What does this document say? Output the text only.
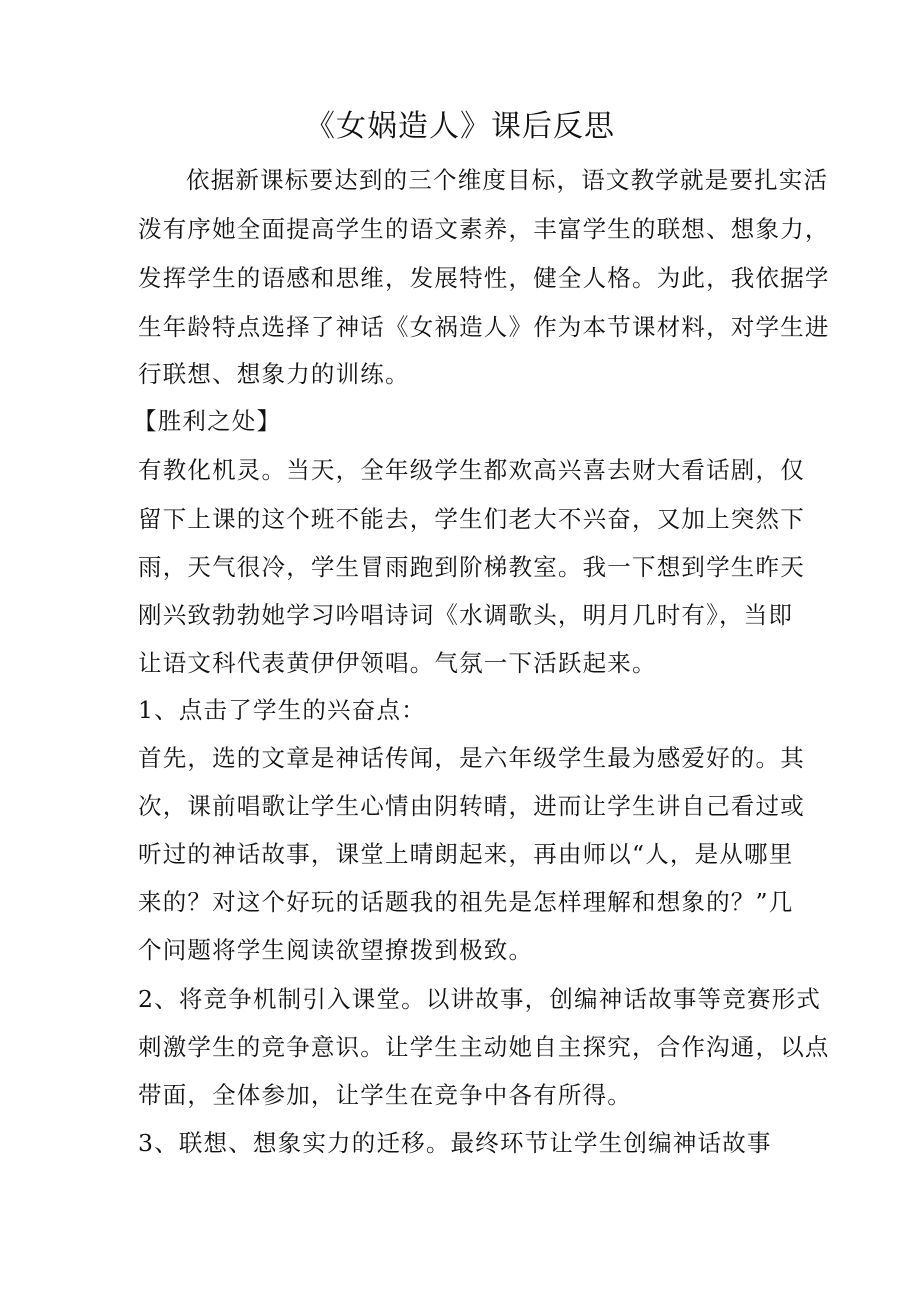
《女娲造人》课后反思
依据新课标要达到的三个维度目标，语文教学就是要扎实活
泼有序她全面提高学生的语文素养，丰富学生的联想、想象力，
发挥学生的语感和思维，发展特性，健全人格。为此，我依据学
生年龄特点选择了神话《女祸造人》作为本节课材料，对学生进
行联想、想象力的训练。
【胜利之处】
有教化机灵。当天，全年级学生都欢高兴喜去财大看话剧，仅
留下上课的这个班不能去，学生们老大不兴奋，又加上突然下
雨，天气很冷，学生冒雨跑到阶梯教室。我一下想到学生昨天
刚兴致勃勃她学习吟唱诗词《水调歌头，明月几时有》，当即
让语文科代表黄伊伊领唱。气氛一下活跃起来。
1、点击了学生的兴奋点：
首先，选的文章是神话传闻，是六年级学生最为感爱好的。其
次，课前唱歌让学生心情由阴转晴，进而让学生讲自己看过或
听过的神话故事，课堂上晴朗起来，再由师以“人，是从哪里
来的？对这个好玩的话题我的祖先是怎样理解和想象的？”几
个问题将学生阅读欲望撩拨到极致。
2、将竞争机制引入课堂。以讲故事，创编神话故事等竞赛形式
刺激学生的竞争意识。让学生主动她自主探究，合作沟通，以点
带面，全体参加，让学生在竞争中各有所得。
3、联想、想象实力的迁移。最终环节让学生创编神话故事
